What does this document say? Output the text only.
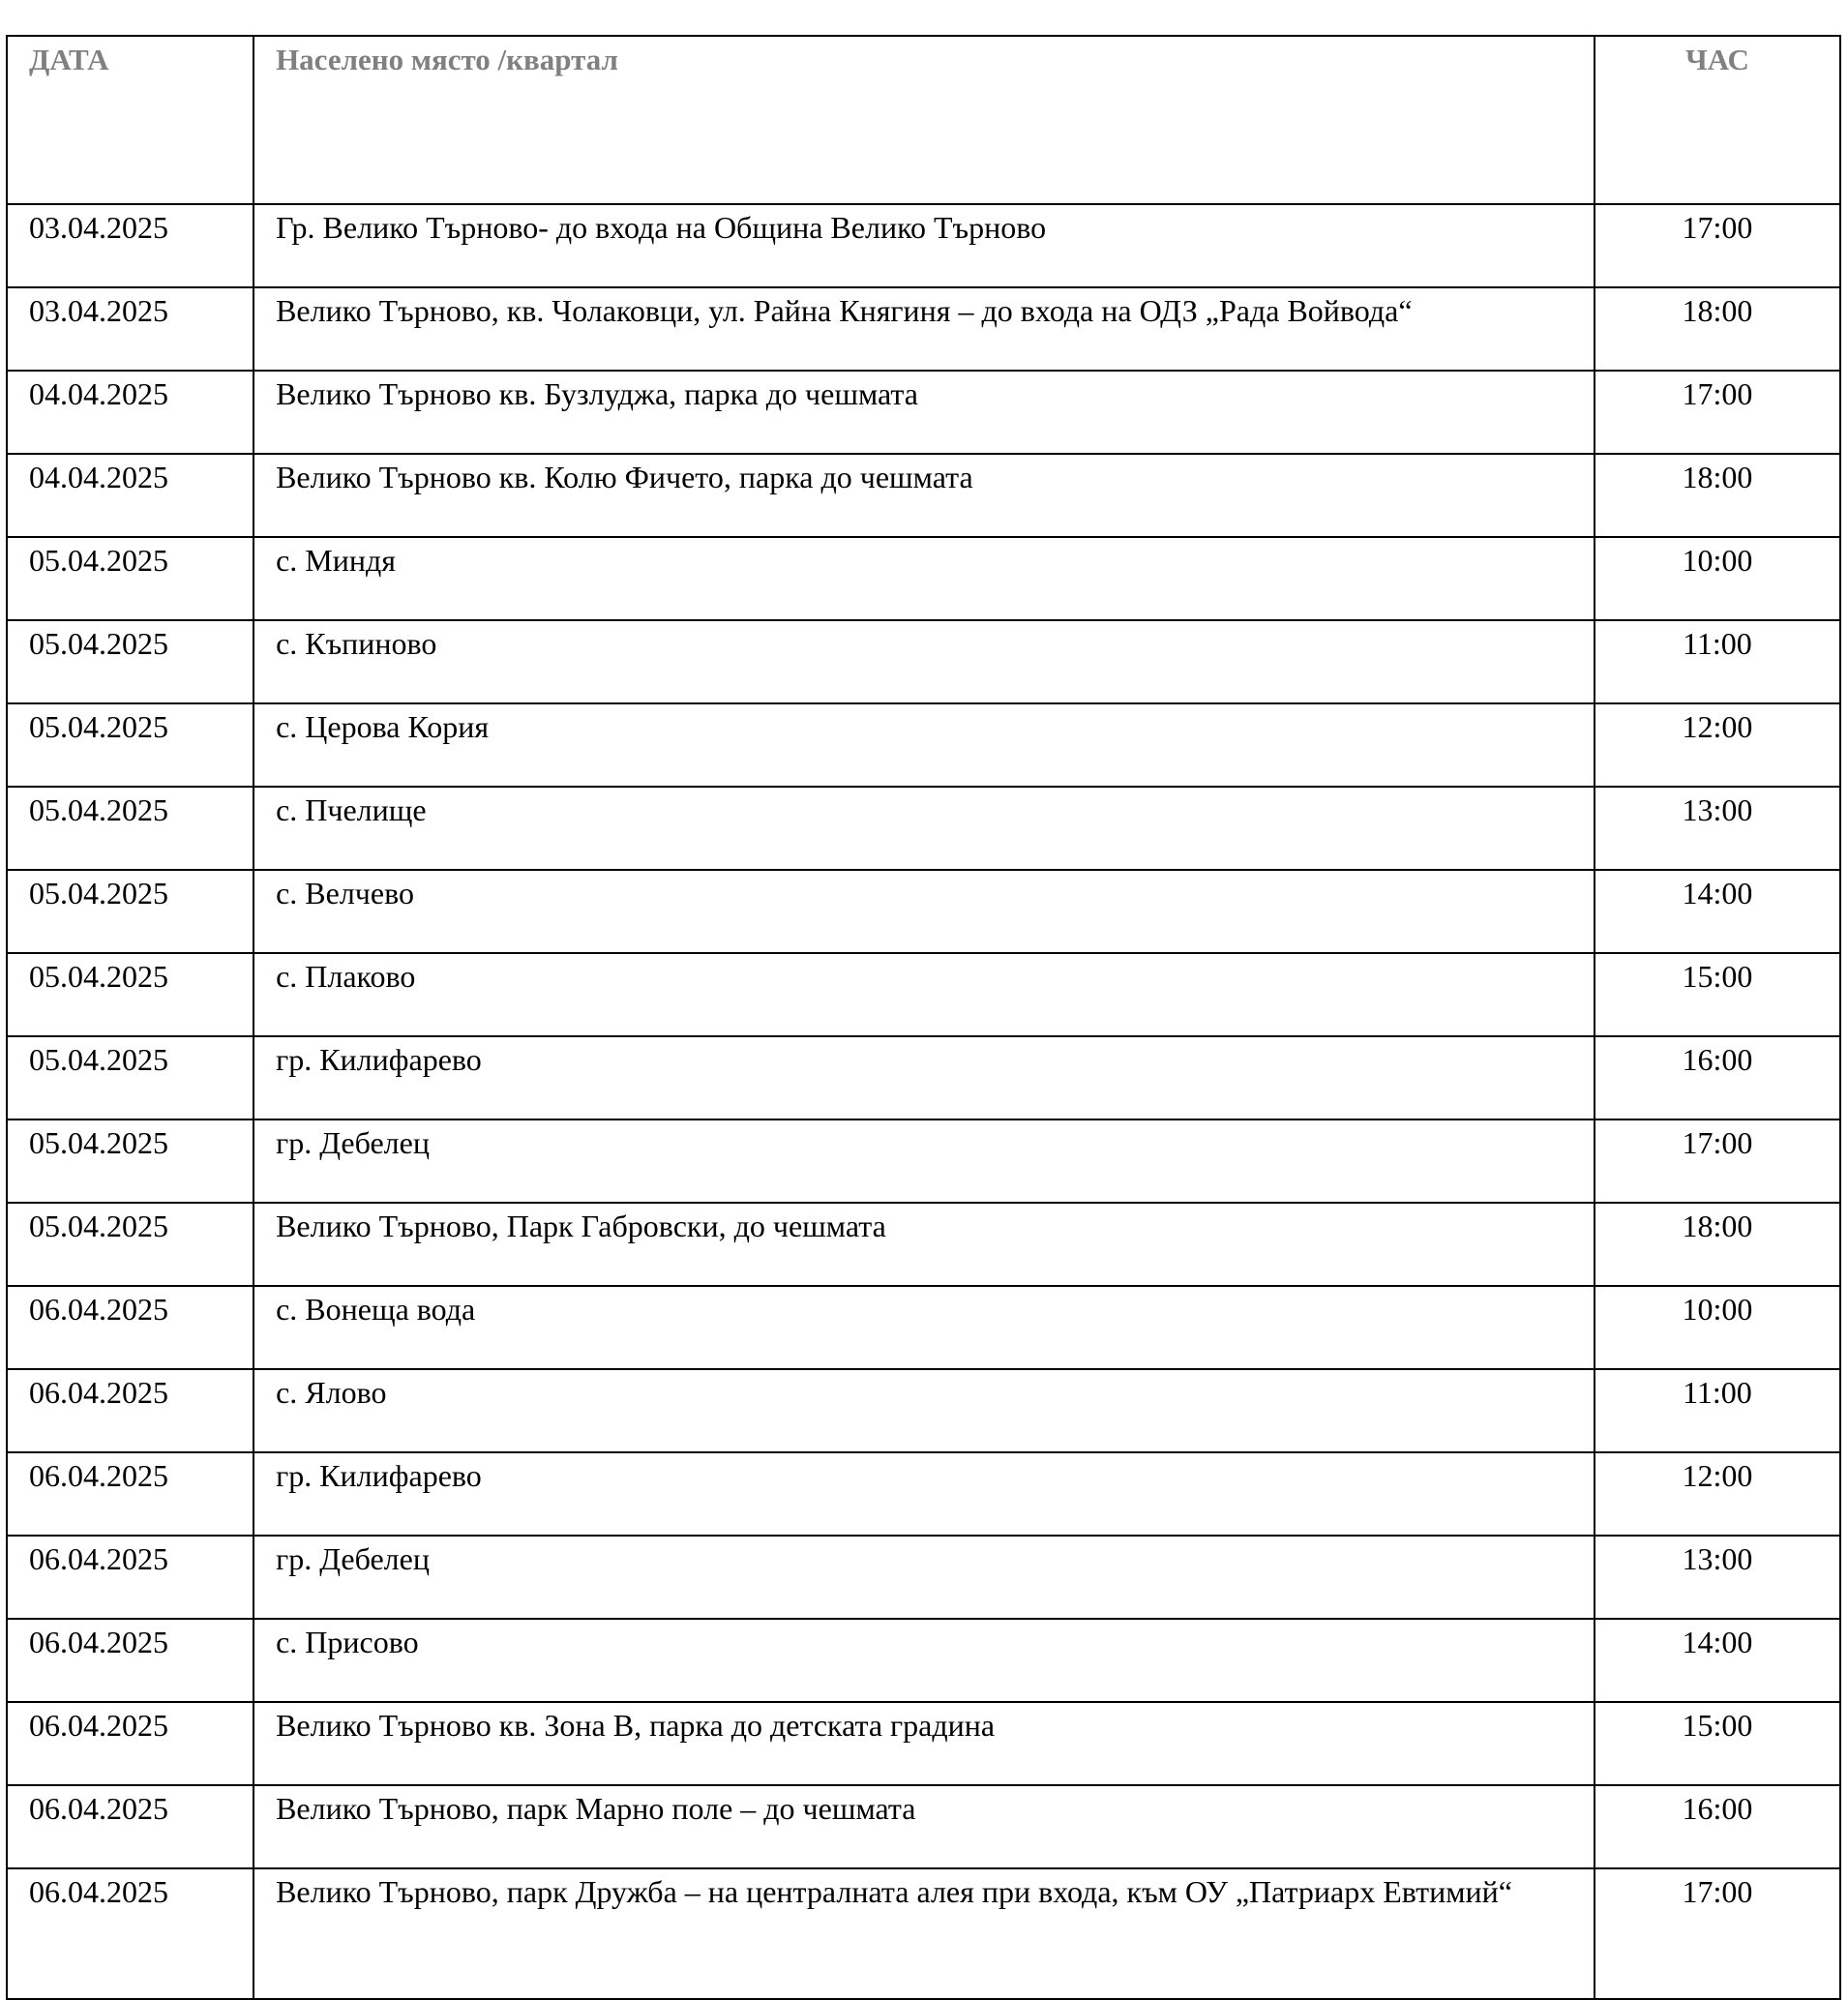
ДАТА	Населено място /квартал	ЧАС
03.04.2025	Гр. Велико Търново- до входа на Община Велико Търново	17:00
03.04.2025	Велико Търново, кв. Чолаковци, ул. Райна Княгиня – до входа на ОДЗ „Рада Войвода“	18:00
04.04.2025	Велико Търново кв. Бузлуджа, парка до чешмата	17:00
04.04.2025	Велико Търново кв. Колю Фичето, парка до чешмата	18:00
05.04.2025	с. Миндя	10:00
05.04.2025	с. Къпиново	11:00
05.04.2025	с. Церова Кория	12:00
05.04.2025	с. Пчелище	13:00
05.04.2025	с. Велчево	14:00
05.04.2025	с. Плаково	15:00
05.04.2025	гр. Килифарево	16:00
05.04.2025	гр. Дебелец	17:00
05.04.2025	Велико Търново, Парк Габровски, до чешмата	18:00
06.04.2025	с. Вонеща вода	10:00
06.04.2025	с. Ялово	11:00
06.04.2025	гр. Килифарево	12:00
06.04.2025	гр. Дебелец	13:00
06.04.2025	с. Присово	14:00
06.04.2025	Велико Търново кв. Зона В, парка до детската градина	15:00
06.04.2025	Велико Търново, парк Марно поле – до чешмата	16:00
06.04.2025	Велико Търново, парк Дружба – на централната алея при входа, към ОУ „Патриарх Евтимий“	17:00
